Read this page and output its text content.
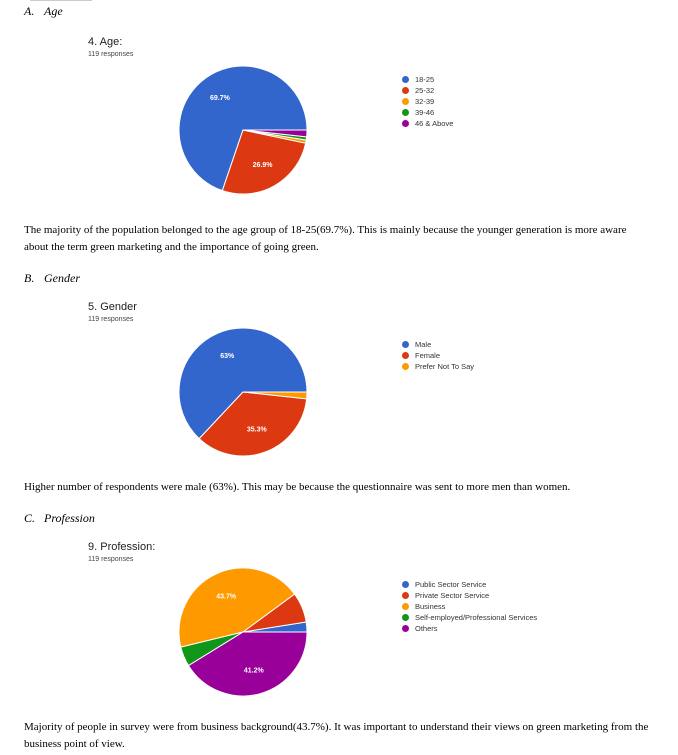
A. Age

4. Age:

119 responses

69.7%
26.9%
18-25
25-32
32-39
39-46
46 & Above

The majority of the population belonged to the age group of 18-25(69.7%). This is mainly because the younger generation is more aware about the term green marketing and the importance of going green.

B. Gender

5. Gender

119 responses

63%
35.3%
Male
Female
Prefer Not To Say

Higher number of respondents were male (63%). This may be because the questionnaire was sent to more men than women.

C. Profession

9. Profession:

119 responses

43.7%
41.2%
Public Sector Service
Private Sector Service
Business
Self-employed/Professional Services
Others

Majority of people in survey were from business background(43.7%). It was important to understand their views on green marketing from the business point of view.
